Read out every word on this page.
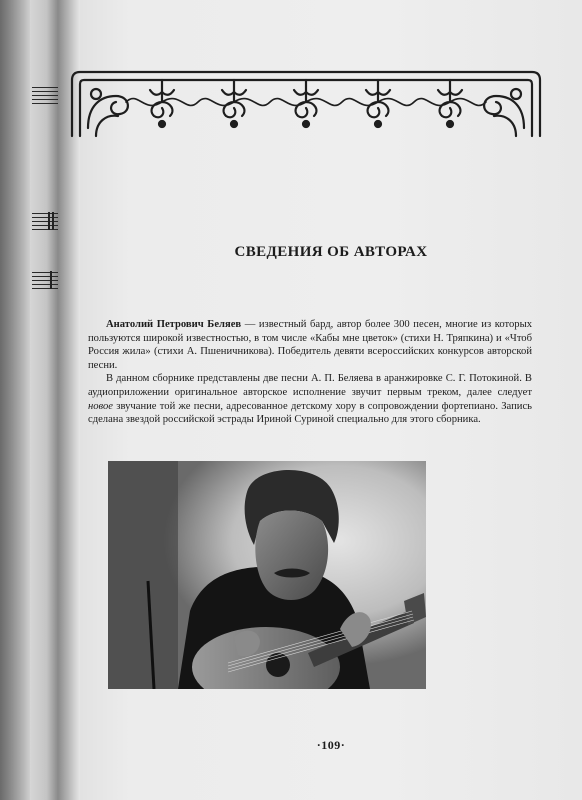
СВЕДЕНИЯ ОБ АВТОРАХ

Анатолий Петрович Беляев — известный бард, автор более 300 песен, многие из которых пользуются широкой известностью, в том числе «Кабы мне цветок» (стихи Н. Тряпкина) и «Чтоб Россия жила» (стихи А. Пшеничникова). Победитель девяти всероссийских конкурсов авторской песни.

В данном сборнике представлены две песни А. П. Беляева в аранжировке С. Г. Потокиной. В аудиоприложении оригинальное авторское исполнение звучит первым треком, далее следует новое звучание той же песни, адресованное детскому хору в сопровождении фортепиано. Запись сделана звездой российской эстрады Ириной Суриной специально для этого сборника.

·109·
